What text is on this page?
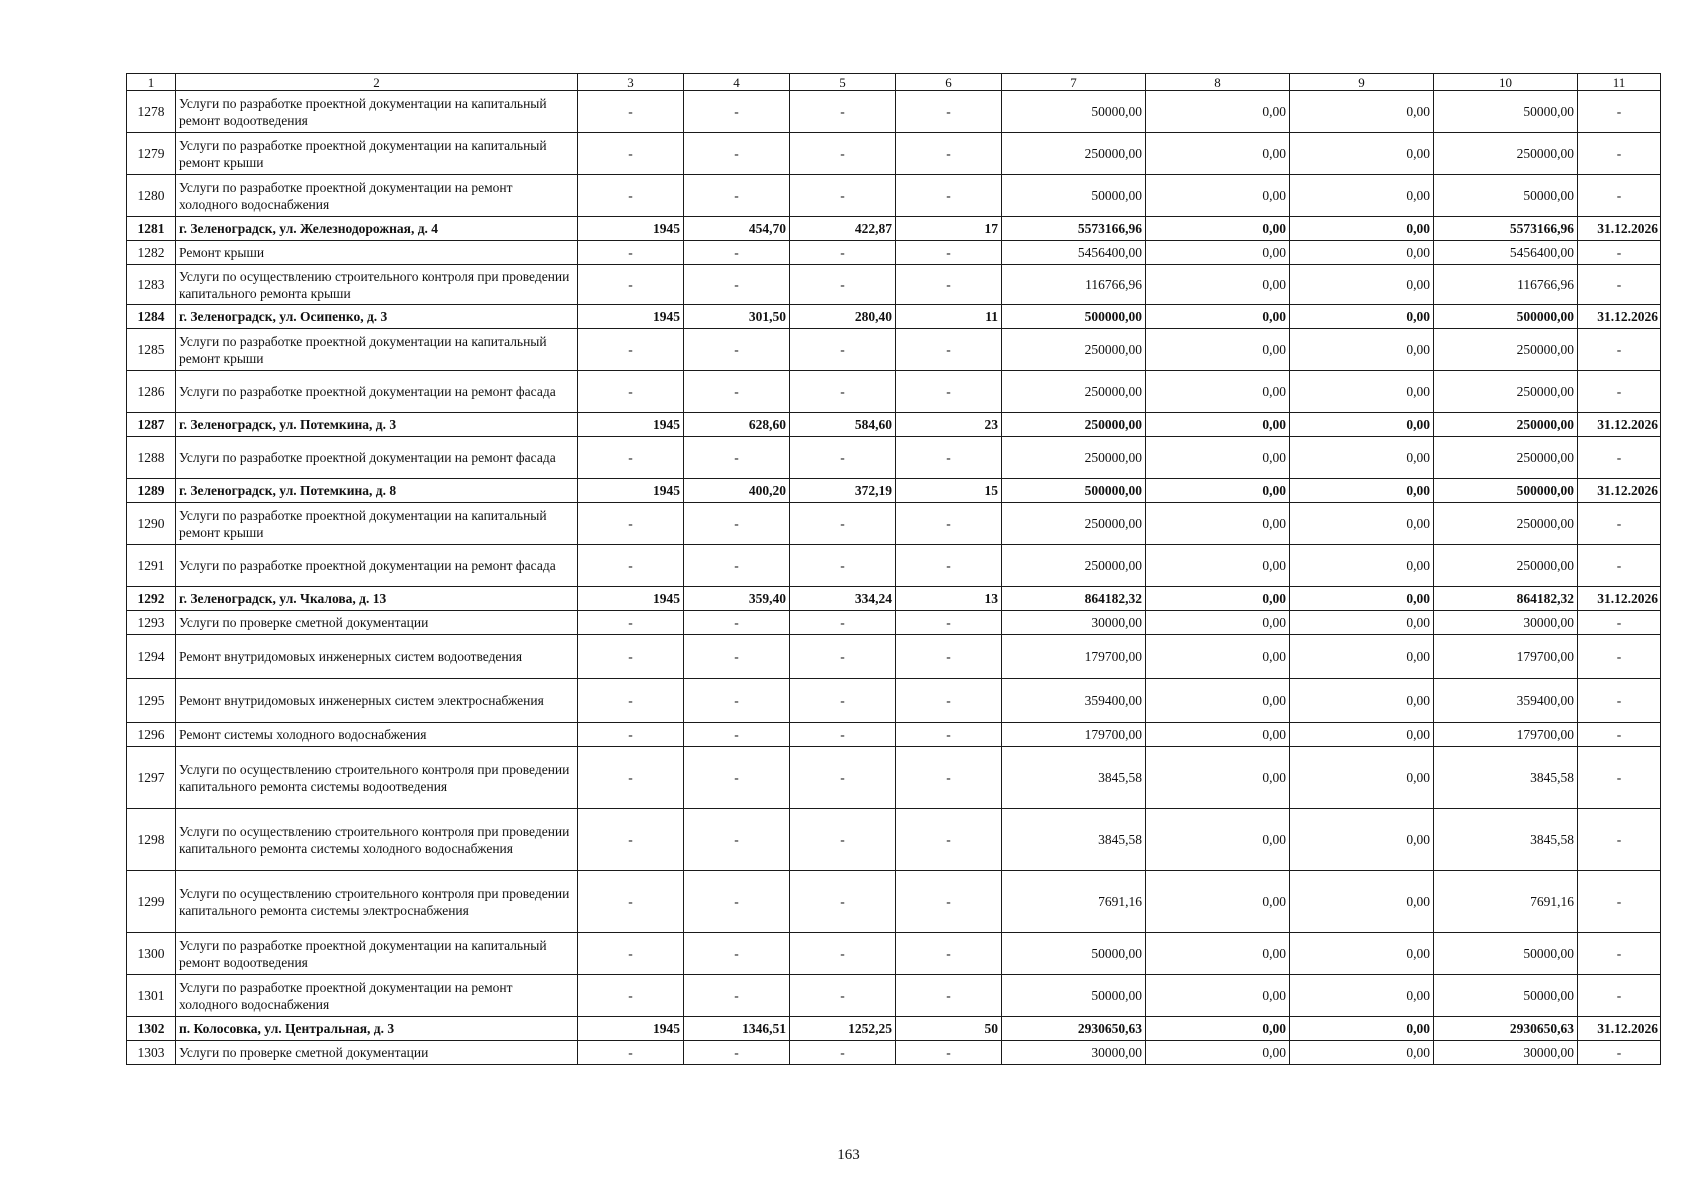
1	2	3	4	5	6	7	8	9	10	11
1278	Услуги по разработке проектной документации на капитальный ремонт водоотведения	-	-	-	-	50000,00	0,00	0,00	50000,00	-
1279	Услуги по разработке проектной документации на капитальный ремонт крыши	-	-	-	-	250000,00	0,00	0,00	250000,00	-
1280	Услуги по разработке проектной документации на ремонт холодного водоснабжения	-	-	-	-	50000,00	0,00	0,00	50000,00	-
1281	г. Зеленоградск, ул. Железнодорожная, д. 4	1945	454,70	422,87	17	5573166,96	0,00	0,00	5573166,96	31.12.2026
1282	Ремонт крыши	-	-	-	-	5456400,00	0,00	0,00	5456400,00	-
1283	Услуги по осуществлению строительного контроля при проведении капитального ремонта крыши	-	-	-	-	116766,96	0,00	0,00	116766,96	-
1284	г. Зеленоградск, ул. Осипенко, д. 3	1945	301,50	280,40	11	500000,00	0,00	0,00	500000,00	31.12.2026
1285	Услуги по разработке проектной документации на капитальный ремонт крыши	-	-	-	-	250000,00	0,00	0,00	250000,00	-
1286	Услуги по разработке проектной документации на ремонт фасада	-	-	-	-	250000,00	0,00	0,00	250000,00	-
1287	г. Зеленоградск, ул. Потемкина, д. 3	1945	628,60	584,60	23	250000,00	0,00	0,00	250000,00	31.12.2026
1288	Услуги по разработке проектной документации на ремонт фасада	-	-	-	-	250000,00	0,00	0,00	250000,00	-
1289	г. Зеленоградск, ул. Потемкина, д. 8	1945	400,20	372,19	15	500000,00	0,00	0,00	500000,00	31.12.2026
1290	Услуги по разработке проектной документации на капитальный ремонт крыши	-	-	-	-	250000,00	0,00	0,00	250000,00	-
1291	Услуги по разработке проектной документации на ремонт фасада	-	-	-	-	250000,00	0,00	0,00	250000,00	-
1292	г. Зеленоградск, ул. Чкалова, д. 13	1945	359,40	334,24	13	864182,32	0,00	0,00	864182,32	31.12.2026
1293	Услуги по проверке сметной документации	-	-	-	-	30000,00	0,00	0,00	30000,00	-
1294	Ремонт внутридомовых инженерных систем водоотведения	-	-	-	-	179700,00	0,00	0,00	179700,00	-
1295	Ремонт внутридомовых инженерных систем электроснабжения	-	-	-	-	359400,00	0,00	0,00	359400,00	-
1296	Ремонт системы холодного водоснабжения	-	-	-	-	179700,00	0,00	0,00	179700,00	-
1297	Услуги по осуществлению строительного контроля при проведении капитального ремонта системы водоотведения	-	-	-	-	3845,58	0,00	0,00	3845,58	-
1298	Услуги по осуществлению строительного контроля при проведении капитального ремонта системы холодного водоснабжения	-	-	-	-	3845,58	0,00	0,00	3845,58	-
1299	Услуги по осуществлению строительного контроля при проведении капитального ремонта системы электроснабжения	-	-	-	-	7691,16	0,00	0,00	7691,16	-
1300	Услуги по разработке проектной документации на капитальный ремонт водоотведения	-	-	-	-	50000,00	0,00	0,00	50000,00	-
1301	Услуги по разработке проектной документации на ремонт холодного водоснабжения	-	-	-	-	50000,00	0,00	0,00	50000,00	-
1302	п. Колосовка, ул. Центральная, д. 3	1945	1346,51	1252,25	50	2930650,63	0,00	0,00	2930650,63	31.12.2026
1303	Услуги по проверке сметной документации	-	-	-	-	30000,00	0,00	0,00	30000,00	-
163
